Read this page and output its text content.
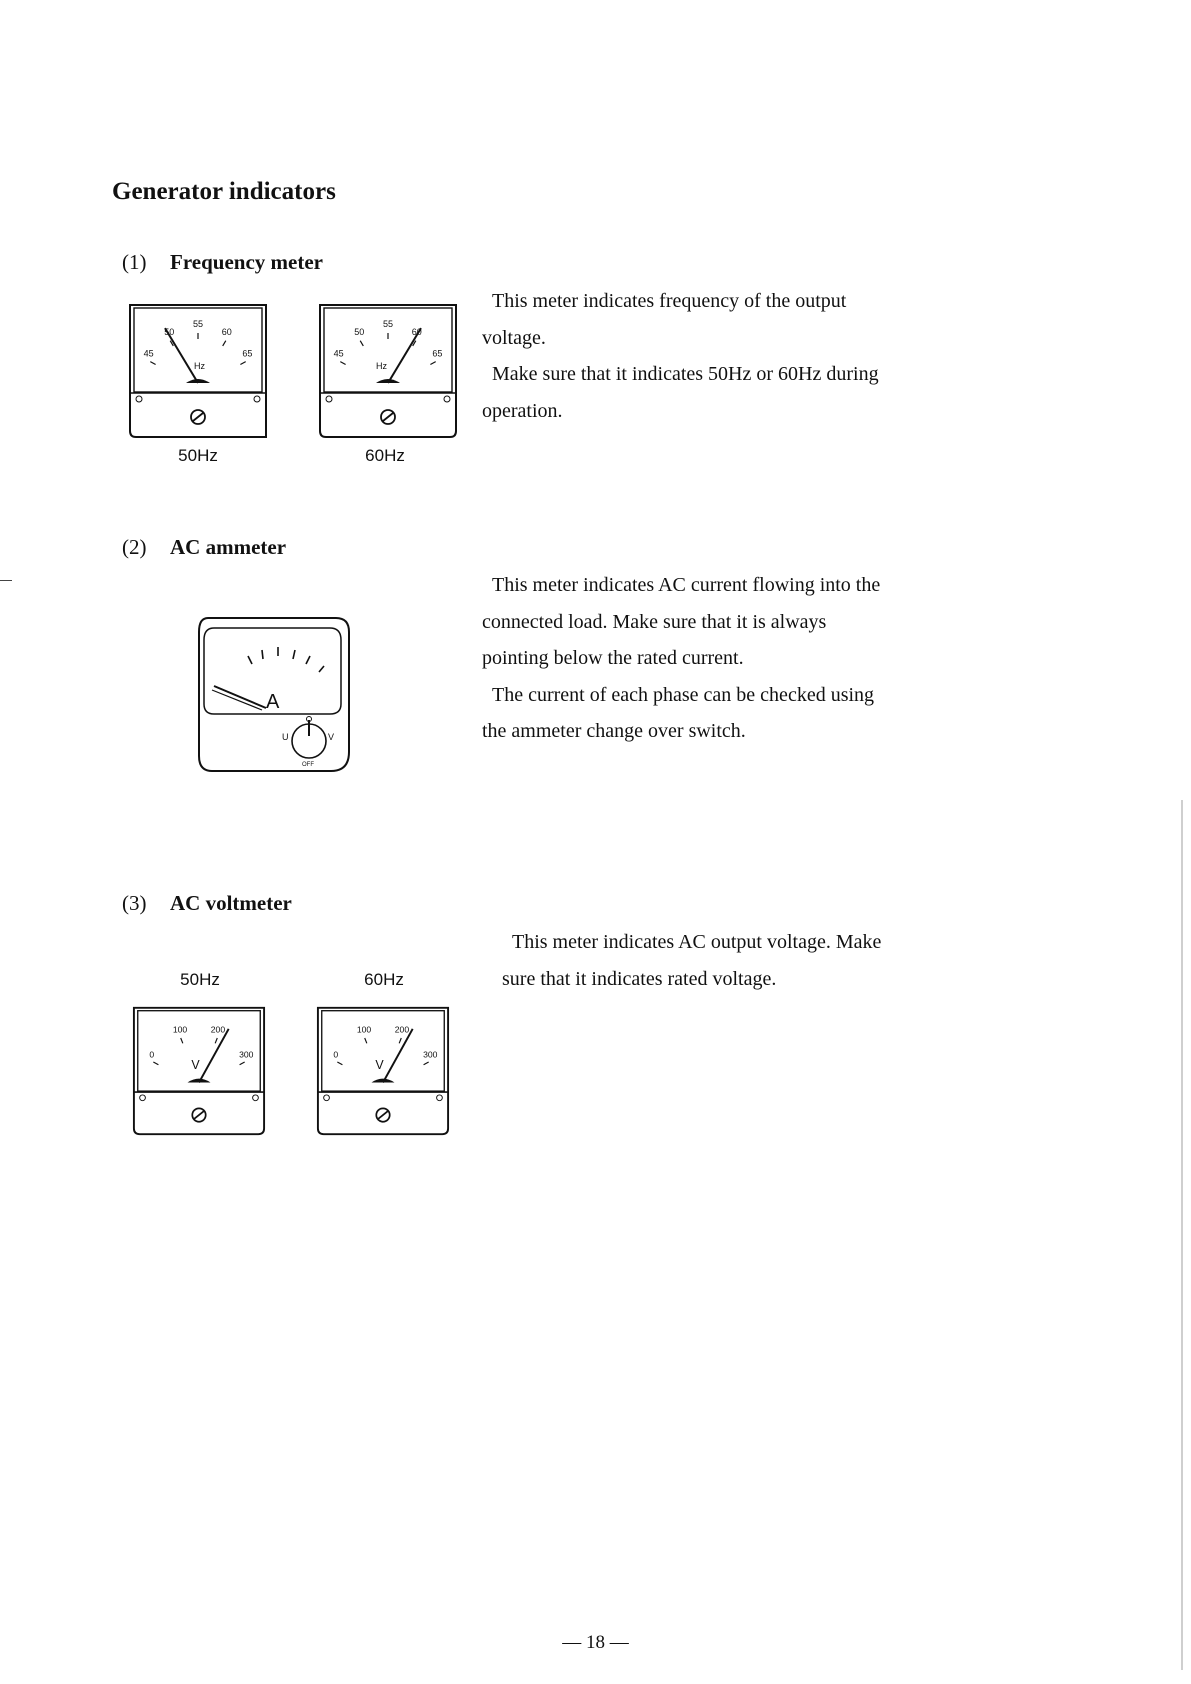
Generator indicators
(1) Frequency meter
45
50
55
60
65
Hz
50Hz
45
50
55
60
65
Hz
60Hz

This meter indicates frequency of the output

voltage.

Make sure that it indicates 50Hz or 60Hz during

operation.

(2) AC ammeter
A
U	V
OFF

This meter indicates AC current flowing into the

connected load. Make sure that it is always

pointing below the rated current.

The current of each phase can be checked using

the ammeter change over switch.

(3) AC voltmeter
50Hz	60Hz
0
100	200
300
V
0
100	200
300
V

This meter indicates AC output voltage. Make

sure that it indicates rated voltage.

— 18 —
